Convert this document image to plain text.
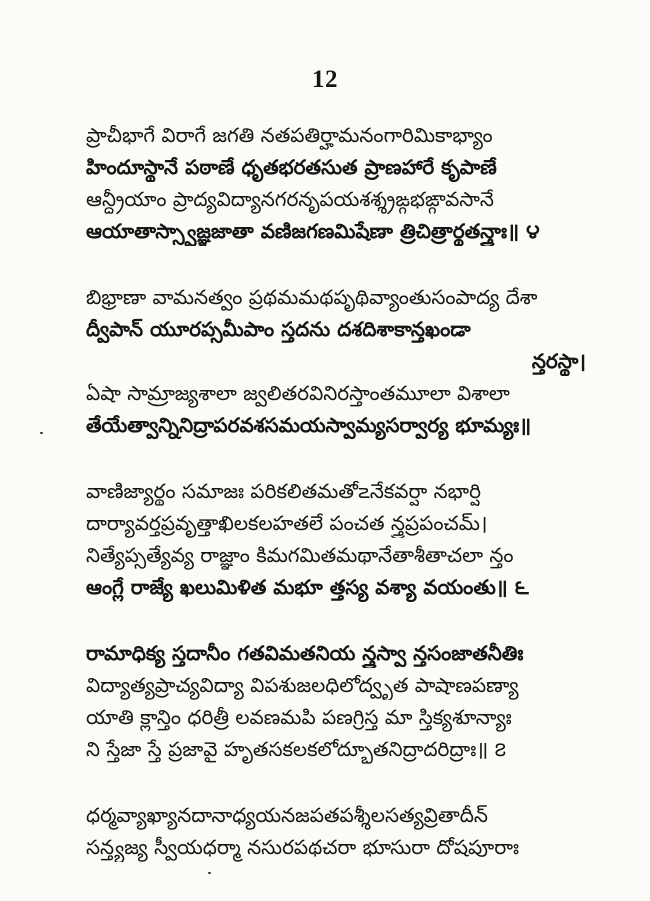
12
ప్రాచీభాగే విరాగే జగతి నతపతిర్హామనంగారిమికాభ్యాం
హిందూస్థానే పఠాణే ధృతభరతసుత ప్రాణహారే కృపాణే
ఆన్ధ్రీయాం ప్రాద్యవిద్యానగరనృపయశశ్శ్రఙ్గభఙ్గావసానే
ఆయాతాస్స్వాజ్ఞజాతా వణిజగణమిషేణా త్రిచిత్రార్థతన్త్రాః॥ ౪
బిభ్రాణా వామనత్వం ప్రథమమథపృథివ్యాంతుసంపాద్య దేశా
ద్వీపాన్ యూరప్సమీపాం స్తదను దశదిశాకాన్తఖండా
న్తరస్థా।
ఏషా సామ్రాజ్యశాలా జ్వలితరవినిరస్తాంతమూలా విశాలా
తేయేత్వాన్నినిద్రాపరవశసమయస్వామ్యసర్వార్య భూమ్యః॥
వాణిజ్యార్థం సమాజః పరికలితమతో౽నేకవర్షా నభార్షి
దార్యావర్తప్రవృత్తాఖిలకలహతలే పంచత న్త్రప్రపంచమ్।
నిత్యేప్సత్యేవ్య రాజ్ఞాం కిమగమితమథానేతాశీతాచలా న్తం
ఆంగ్లే రాజ్యే ఖలుమిళిత మభూ త్తస్య వశ్యా వయంతు॥ ౬
రామాధిక్య స్తదానీం గతవిమతనియ న్త్రస్వా న్తసంజాతనీతిః
విద్యాత్యప్రాచ్యవిద్యా విపశుజలధిలోద్వృత పాషాణపణ్యా
యాతి క్లాన్తిం ధరిత్రీ లవణమపి పణగ్రిస్త మా స్తిక్యశూన్యాః
ని స్తేజా స్తే ప్రజావై హృతసకలకలోద్భూతనిద్రాదరిద్రాః॥ ౭
ధర్మవ్యాఖ్యానదానాధ్యయనజపతపశ్శీలసత్యవ్రితాదీన్
సన్త్యజ్య స్వీయధర్మా నసురపథచరా భూసురా దోషపూరాః
